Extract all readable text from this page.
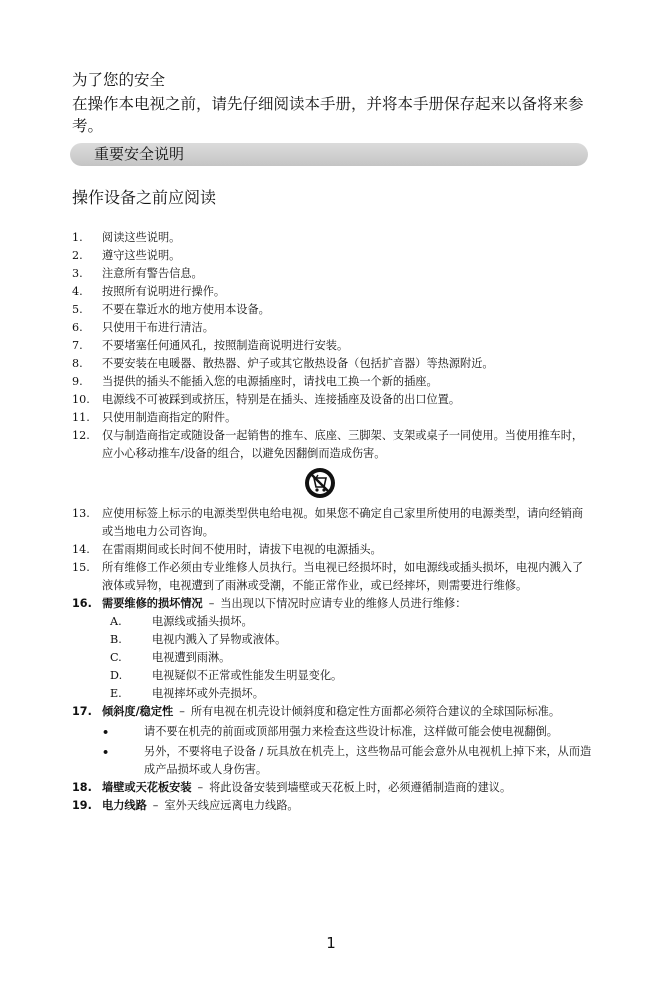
为了您的安全
在操作本电视之前，请先仔细阅读本手册，并将本手册保存起来以备将来参考。
重要安全说明
操作设备之前应阅读
1. 阅读这些说明。
2. 遵守这些说明。
3. 注意所有警告信息。
4. 按照所有说明进行操作。
5. 不要在靠近水的地方使用本设备。
6. 只使用干布进行清洁。
7. 不要堵塞任何通风孔，按照制造商说明进行安装。
8. 不要安装在电暖器、散热器、炉子或其它散热设备（包括扩音器）等热源附近。
9. 当提供的插头不能插入您的电源插座时，请找电工换一个新的插座。
10. 电源线不可被踩到或挤压，特别是在插头、连接插座及设备的出口位置。
11. 只使用制造商指定的附件。
12. 仅与制造商指定或随设备一起销售的推车、底座、三脚架、支架或桌子一同使用。当使用推车时，应小心移动推车/设备的组合，以避免因翻倒而造成伤害。
13. 应使用标签上标示的电源类型供电给电视。如果您不确定自己家里所使用的电源类型，请向经销商或当地电力公司咨询。
14. 在雷雨期间或长时间不使用时，请拔下电视的电源插头。
15. 所有维修工作必须由专业维修人员执行。当电视已经损坏时，如电源线或插头损坏，电视内溅入了液体或异物，电视遭到了雨淋或受潮，不能正常作业，或已经摔坏，则需要进行维修。
16. 需要维修的损坏情况 – 当出现以下情况时应请专业的维修人员进行维修：
A.	电源线或插头损坏。
B.	电视内溅入了异物或液体。
C.	电视遭到雨淋。
D.	电视疑似不正常或性能发生明显变化。
E.	电视摔坏或外壳损坏。
17. 倾斜度/稳定性 – 所有电视在机壳设计倾斜度和稳定性方面都必须符合建议的全球国际标准。
•	请不要在机壳的前面或顶部用强力来检查这些设计标准，这样做可能会使电视翻倒。
•	另外，不要将电子设备 / 玩具放在机壳上，这些物品可能会意外从电视机上掉下来，从而造成产品损坏或人身伤害。
18. 墙壁或天花板安装 – 将此设备安装到墙壁或天花板上时，必须遵循制造商的建议。
19. 电力线路 – 室外天线应远离电力线路。
1
